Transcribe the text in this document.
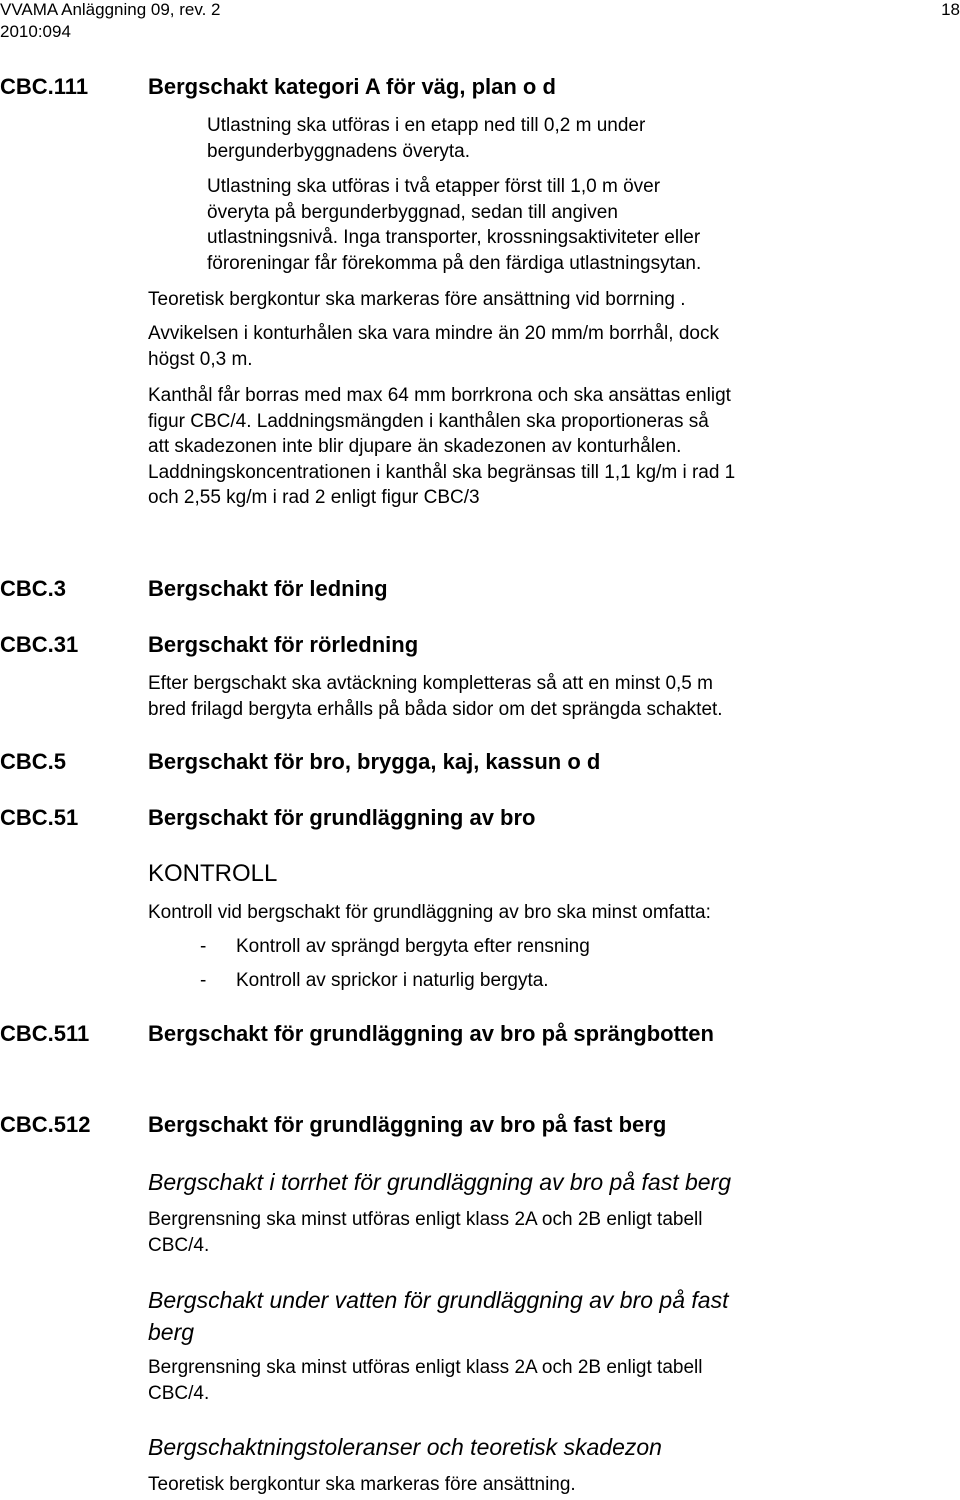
VVAMA Anläggning 09, rev. 2
2010:094
18
CBC.111	Bergschakt kategori A för väg, plan o d
Utlastning ska utföras i en etapp ned till 0,2 m under
bergunderbyggnadens överyta.
Utlastning ska utföras i två etapper först till 1,0 m över
överyta på bergunderbyggnad, sedan till angiven
utlastningsnivå. Inga transporter, krossningsaktiviteter eller
föroreningar får förekomma på den färdiga utlastningsytan.
Teoretisk bergkontur ska markeras före ansättning vid borrning .
Avvikelsen i konturhålen ska vara mindre än 20 mm/m borrhål, dock
högst 0,3 m.
Kanthål får borras med max 64 mm borrkrona och ska ansättas enligt
figur CBC/4. Laddningsmängden i kanthålen ska proportioneras så
att skadezonen inte blir djupare än skadezonen av konturhålen.
Laddningskoncentrationen i kanthål ska begränsas till 1,1 kg/m i rad 1
och 2,55 kg/m i rad 2 enligt figur CBC/3
CBC.3	Bergschakt för ledning
CBC.31	Bergschakt för rörledning
Efter bergschakt ska avtäckning kompletteras så att en minst 0,5 m
bred frilagd bergyta erhålls på båda sidor om det sprängda schaktet.
CBC.5	Bergschakt för bro, brygga, kaj, kassun o d
CBC.51	Bergschakt för grundläggning av bro
KONTROLL
Kontroll vid bergschakt för grundläggning av bro ska minst omfatta:
- Kontroll av sprängd bergyta efter rensning
- Kontroll av sprickor i naturlig bergyta.
CBC.511	Bergschakt för grundläggning av bro på sprängbotten
CBC.512	Bergschakt för grundläggning av bro på fast berg
Bergschakt i torrhet för grundläggning av bro på fast berg
Bergrensning ska minst utföras enligt klass 2A och 2B enligt tabell
CBC/4.
Bergschakt under vatten för grundläggning av bro på fast
berg
Bergrensning ska minst utföras enligt klass 2A och 2B enligt tabell
CBC/4.
Bergschaktningstoleranser och teoretisk skadezon
Teoretisk bergkontur ska markeras före ansättning.
